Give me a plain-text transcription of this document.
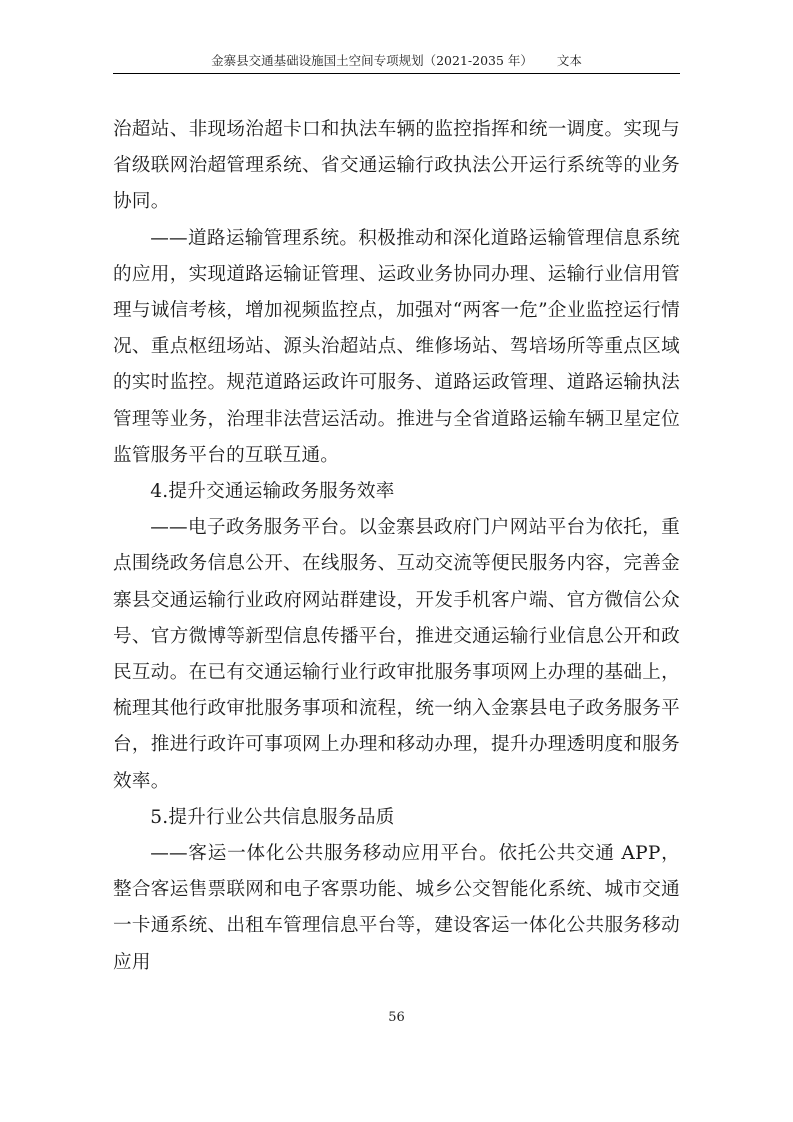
金寨县交通基础设施国土空间专项规划（2021-2035 年） 文本

治超站、非现场治超卡口和执法车辆的监控指挥和统一调度。实现与省级联网治超管理系统、省交通运输行政执法公开运行系统等的业务协同。

——道路运输管理系统。积极推动和深化道路运输管理信息系统的应用，实现道路运输证管理、运政业务协同办理、运输行业信用管理与诚信考核，增加视频监控点，加强对“两客一危”企业监控运行情况、重点枢纽场站、源头治超站点、维修场站、驾培场所等重点区域的实时监控。规范道路运政许可服务、道路运政管理、道路运输执法管理等业务，治理非法营运活动。推进与全省道路运输车辆卫星定位监管服务平台的互联互通。

4.提升交通运输政务服务效率

——电子政务服务平台。以金寨县政府门户网站平台为依托，重点围绕政务信息公开、在线服务、互动交流等便民服务内容，完善金寨县交通运输行业政府网站群建设，开发手机客户端、官方微信公众号、官方微博等新型信息传播平台，推进交通运输行业信息公开和政民互动。在已有交通运输行业行政审批服务事项网上办理的基础上，梳理其他行政审批服务事项和流程，统一纳入金寨县电子政务服务平台，推进行政许可事项网上办理和移动办理，提升办理透明度和服务效率。

5.提升行业公共信息服务品质

——客运一体化公共服务移动应用平台。依托公共交通 APP，整合客运售票联网和电子客票功能、城乡公交智能化系统、城市交通一卡通系统、出租车管理信息平台等，建设客运一体化公共服务移动应用

56
